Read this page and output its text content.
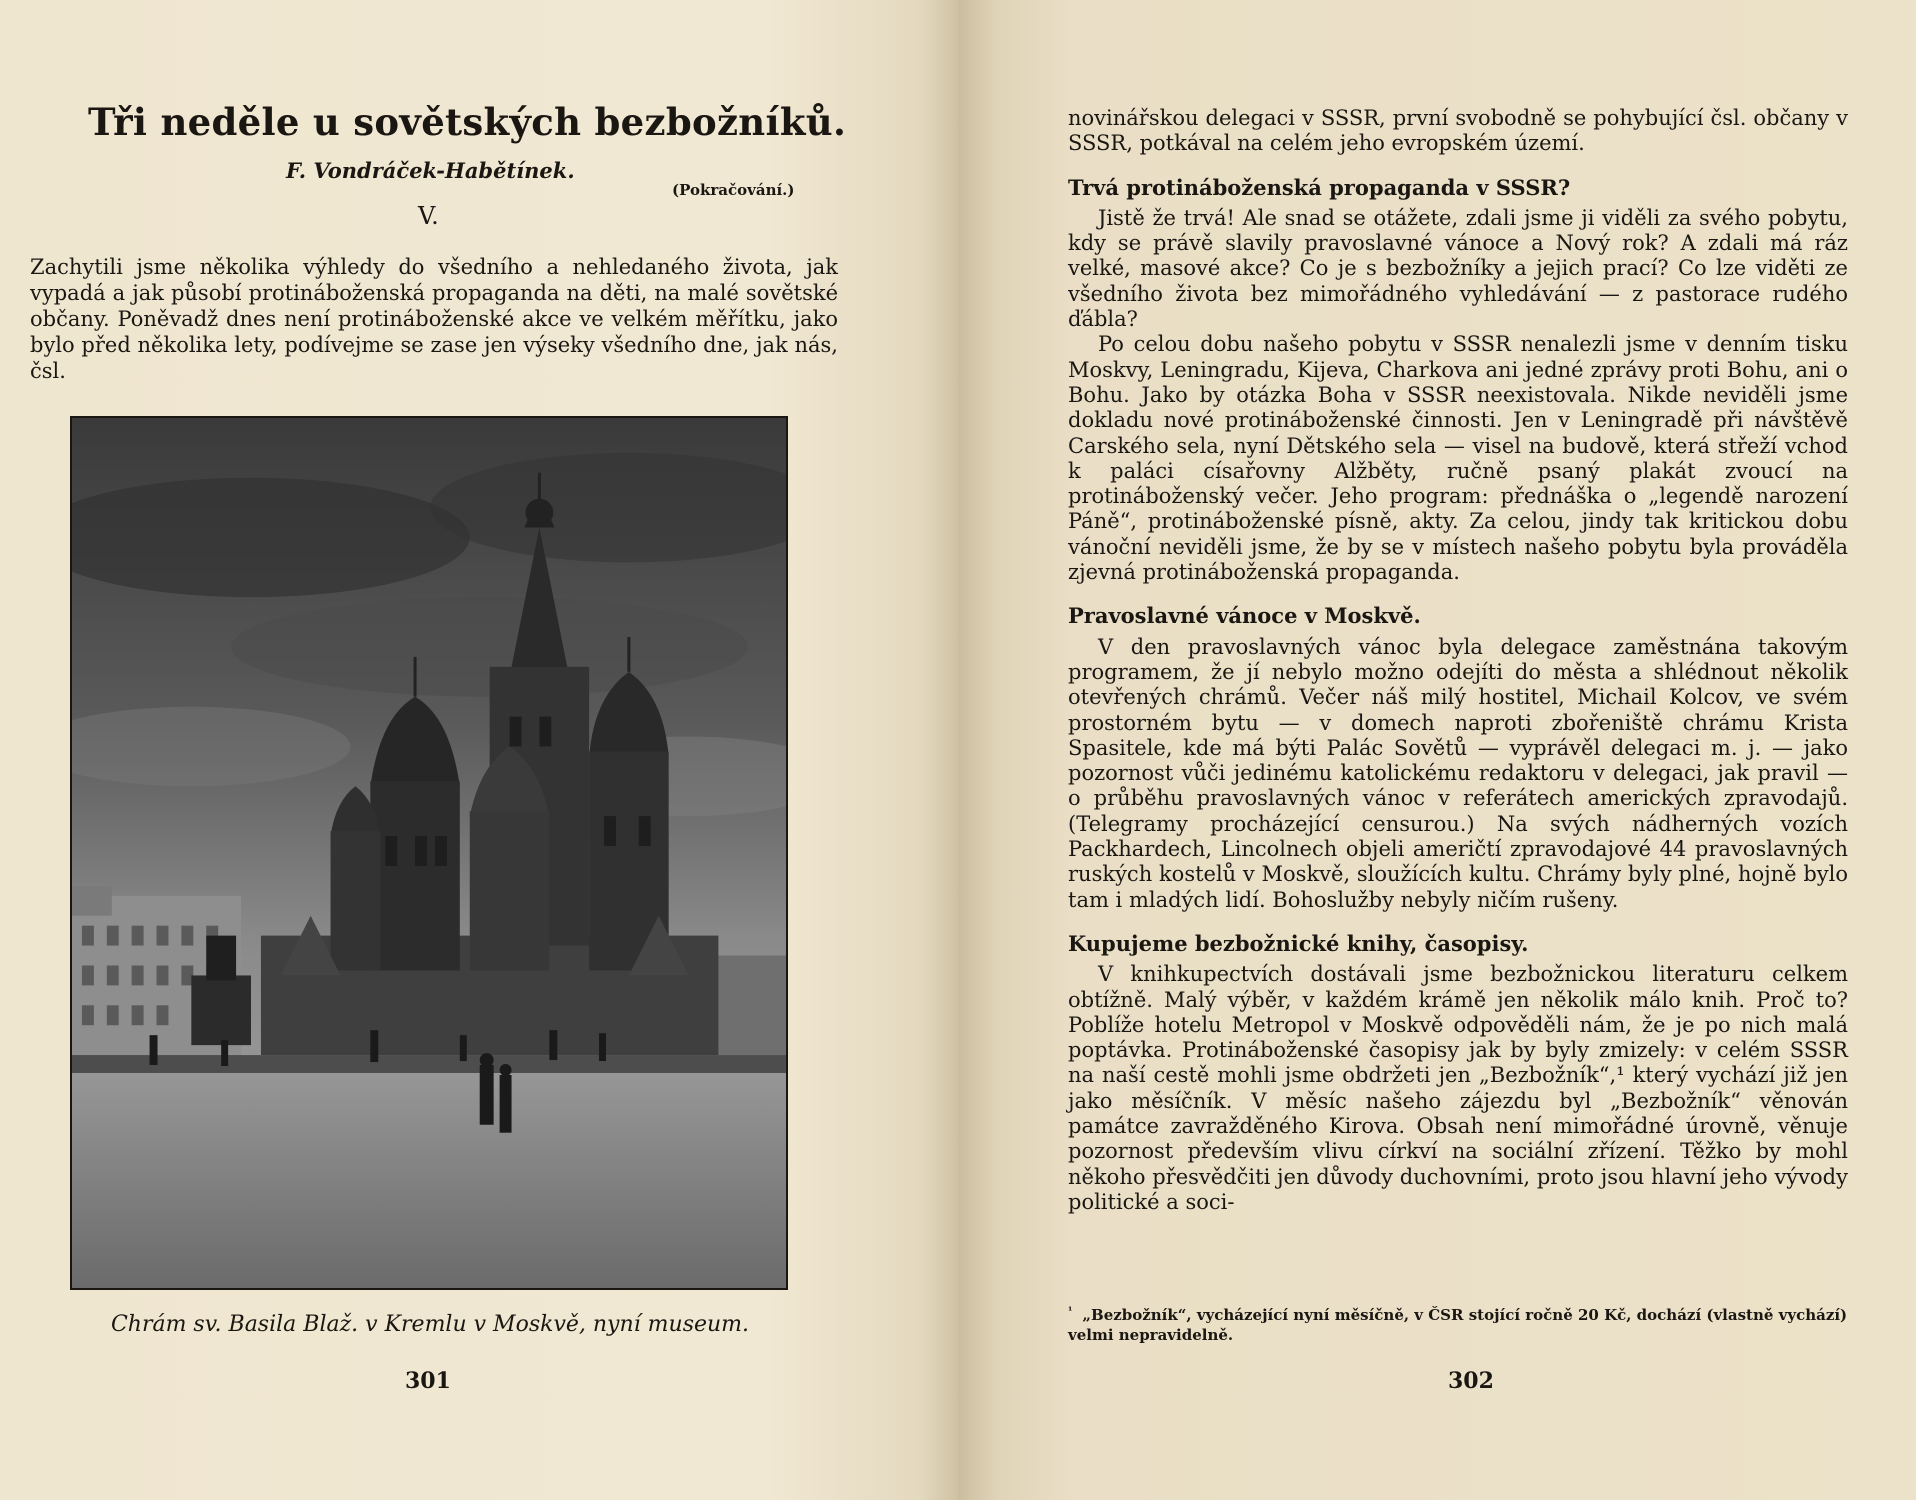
Tři neděle u sovětských bezbožníků.
F. Vondráček-Habětínek.
(Pokračování.)
V.

Zachytili jsme několika výhledy do všedního a nehledaného života, jak vypadá a jak působí protináboženská propaganda na děti, na malé sovětské občany. Poněvadž dnes není protináboženské akce ve velkém měřítku, jako bylo před několika lety, podívejme se zase jen výseky všedního dne, jak nás, čsl.

Chrám sv. Basila Blaž. v Kremlu v Moskvě, nyní museum.
301

novinářskou delegaci v SSSR, první svobodně se pohybující čsl. občany v SSSR, potkával na celém jeho evropském území.

Trvá protináboženská propaganda v SSSR?

Jistě že trvá! Ale snad se otážete, zdali jsme ji viděli za svého pobytu, kdy se právě slavily pravoslavné vánoce a Nový rok? A zdali má ráz velké, masové akce? Co je s bezbožníky a jejich prací? Co lze viděti ze všedního života bez mimořádného vyhledávání — z pastorace rudého ďábla?

Po celou dobu našeho pobytu v SSSR nenalezli jsme v denním tisku Moskvy, Leningradu, Kijeva, Charkova ani jedné zprávy proti Bohu, ani o Bohu. Jako by otázka Boha v SSSR neexistovala. Nikde neviděli jsme dokladu nové protináboženské činnosti. Jen v Leningradě při návštěvě Carského sela, nyní Dětského sela — visel na budově, která střeží vchod k paláci císařovny Alžběty, ručně psaný plakát zvoucí na protináboženský večer. Jeho program: přednáška o „legendě narození Páně“, protináboženské písně, akty. Za celou, jindy tak kritickou dobu vánoční neviděli jsme, že by se v místech našeho pobytu byla prováděla zjevná protináboženská propaganda.

Pravoslavné vánoce v Moskvě.

V den pravoslavných vánoc byla delegace zaměstnána takovým programem, že jí nebylo možno odejíti do města a shlédnout několik otevřených chrámů. Večer náš milý hostitel, Michail Kolcov, ve svém prostorném bytu — v domech naproti zbořeniště chrámu Krista Spasitele, kde má býti Palác Sovětů — vyprávěl delegaci m. j. — jako pozornost vůči jedinému katolickému redaktoru v delegaci, jak pravil — o průběhu pravoslavných vánoc v referátech amerických zpravodajů. (Telegramy procházející censurou.) Na svých nádherných vozích Packhardech, Lincolnech objeli američtí zpravodajové 44 pravoslavných ruských kostelů v Moskvě, sloužících kultu. Chrámy byly plné, hojně bylo tam i mladých lidí. Bohoslužby nebyly ničím rušeny.

Kupujeme bezbožnické knihy, časopisy.

V knihkupectvích dostávali jsme bezbožnickou literaturu celkem obtížně. Malý výběr, v každém krámě jen několik málo knih. Proč to? Poblíže hotelu Metropol v Moskvě odpověděli nám, že je po nich malá poptávka. Protináboženské časopisy jak by byly zmizely: v celém SSSR na naší cestě mohli jsme obdržeti jen „Bezbožník“,¹ který vychází již jen jako měsíčník. V měsíc našeho zájezdu byl „Bezbožník“ věnován památce zavražděného Kirova. Obsah není mimořádné úrovně, věnuje pozornost především vlivu církví na sociální zřízení. Těžko by mohl někoho přesvědčiti jen důvody duchovními, proto jsou hlavní jeho vývody politické a soci-

$^{^1}$ „Bezbožník“, vycházející nyní měsíčně, v ČSR stojící ročně 20 Kč, dochází (vlastně vychází) velmi nepravidelně.

302
